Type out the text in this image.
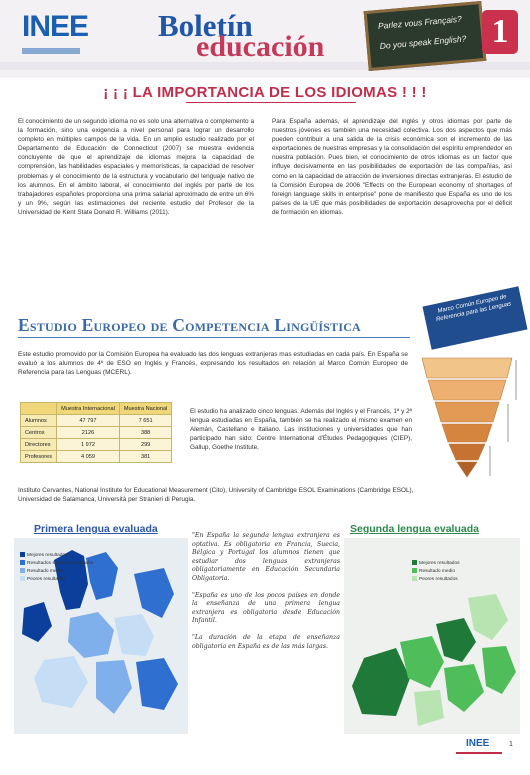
INEE Boletín
educación
Parlez vous Français?
Do you speak English? 1
¡ ¡ ¡ LA IMPORTANCIA DE LOS IDIOMAS ! ! !
El conocimiento de un segundo idioma no es solo una alternativa o complemento a la formación, sino una exigencia a nivel personal para lograr un desarrollo completo en múltiples campos de la vida. En un amplio estudio realizado por el Departamento de Educación de Connecticut (2007) se muestra evidencia concluyente de que el aprendizaje de idiomas mejora la capacidad de comprensión, las habilidades espaciales y memorísticas, la capacidad de resolver problemas y el conocimiento de la estructura y vocabulario del lenguaje nativo de los alumnos. En el ámbito laboral, el conocimiento del inglés por parte de los trabajadores españoles proporciona una prima salarial aproximado de entre un 6% y un 9%, según las estimaciones del reciente estudio del Profesor de la Universidad de Kent State Donald R. Williams (2011).
Para España además, el aprendizaje del inglés y otros idiomas por parte de nuestros jóvenes es también una necesidad colectiva. Los dos aspectos que más pueden contribuir a una salida de la crisis económica son el incremento de las exportaciones de nuestras empresas y la consolidación del espíritu emprendedor en nuestra población. Pues bien, el conocimiento de otros idiomas es un factor que influye decisivamente en las posibilidades de exportación de las compañías, así como en la capacidad de atracción de inversiones directas extranjeras. El estudio de la Comisión Europea de 2006 "Effects on the European economy of shortages of foreign language skills in enterprise" pone de manifiesto que España es uno de los países de la UE que más posibilidades de exportación desaprovecha por el déficit de formación en idiomas.
Estudio Europeo de Competencia Lingüística
Este estudio promovido por la Comisión Europea ha evaluado las dos lenguas extranjeras mas estudiadas en cada país. En España se evaluó a los alumnos de 4º de ESO en Inglés y Francés, expresando los resultados en relación al Marco Común Europeo de Referencia para las Lenguas (MCERL).
	Muestra Internacional	Muestra Nacional
Alumnos	47 797	7 651
Centros	2126	388
Directores	1 972	299
Profesores	4 059	381
El estudio ha analizado cinco lenguas. Además del Inglés y el Francés, 1ª y 2ª lengua estudiadas en España, también se ha realizado el mismo examen en Alemán, Castellano e Italiano. Las instituciones y universidades que han participado han sido: Centre International d'Études Pedagogiques (CIEP), Gallup, Goethe Institute,
Instituto Cervantes, National Institute for Educational Measurement (Cito), University of Cambridge ESOL Examinations (Cambridge ESOL), Universidad de Salamanca, Università per Stranieri di Perugia.
Marco Común Europeo de Referencia para las Lenguas
Primera lengua evaluada	Segunda lengua evaluada
Mejores resultados
Resultados similares a España
Resultado medio
Peores resultados

"En España la segunda lengua extranjera es optativa. Es obligatoria en Francia, Suecia, Bélgica y Portugal los alumnos tienen que estudiar dos lenguas extranjeras obligatoriamente en Educación Secundaria Obligatoria.

"España es uno de los pocos países en donde la enseñanza de una primera lengua extranjera es obligatoria desde Educación Infantil.

"La duración de la etapa de enseñanza obligatoria en España es de las más largas.

Mejores resultados
Resultado medio
Peores resultados
INEE	1
